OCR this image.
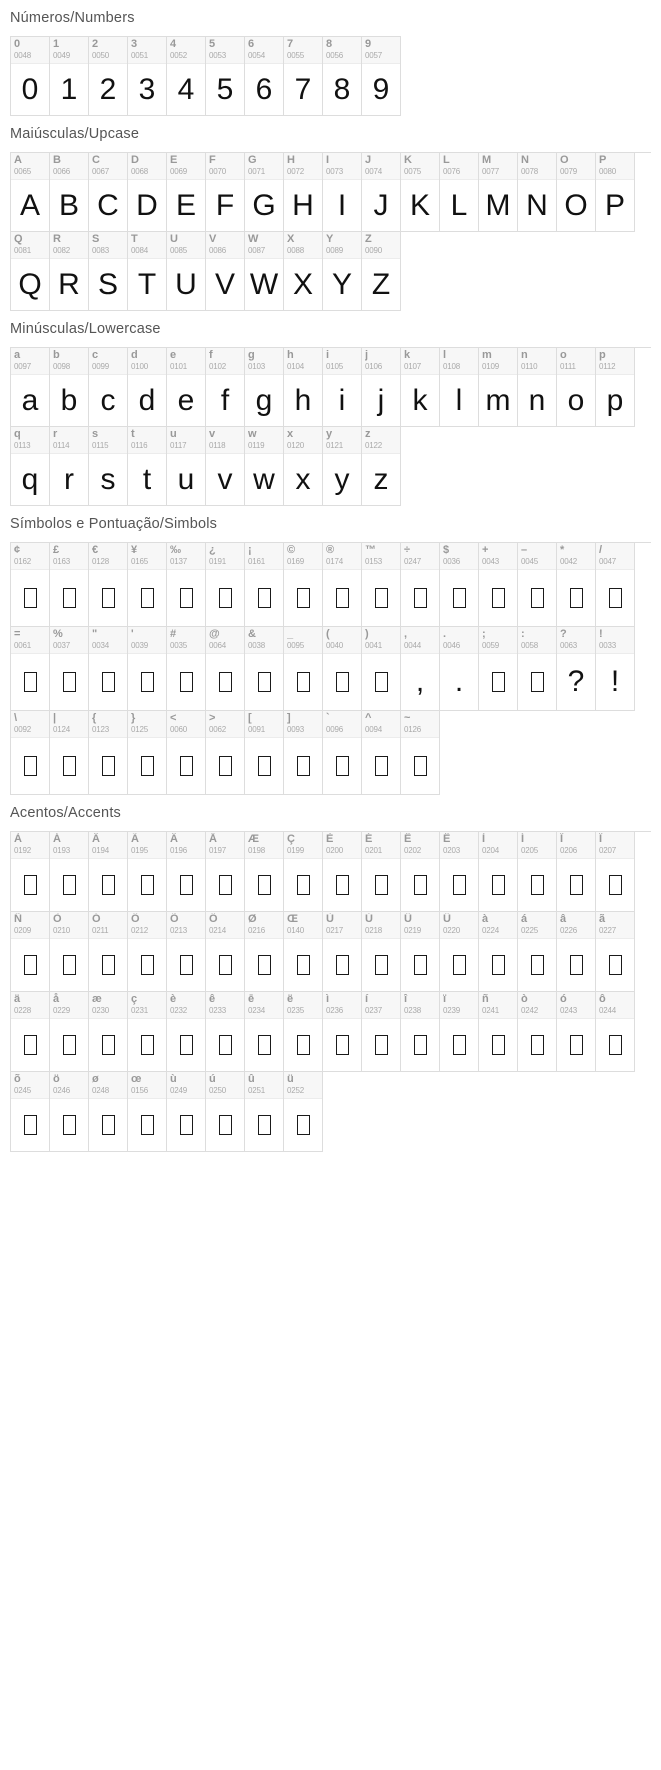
Números/Numbers
0
0048
0
1
0049
1
2
0050
2
3
0051
3
4
0052
4
5
0053
5
6
0054
6
7
0055
7
8
0056
8
9
0057
9
Maiúsculas/Upcase
A
0065
A
B
0066
B
C
0067
C
D
0068
D
E
0069
E
F
0070
F
G
0071
G
H
0072
H
I
0073
I
J
0074
J
K
0075
K
L
0076
L
M
0077
M
N
0078
N
O
0079
O
P
0080
P
Q
0081
Q
R
0082
R
S
0083
S
T
0084
T
U
0085
U
V
0086
V
W
0087
W
X
0088
X
Y
0089
Y
Z
0090
Z
Minúsculas/Lowercase
a
0097
a
b
0098
b
c
0099
c
d
0100
d
e
0101
e
f
0102
f
g
0103
g
h
0104
h
i
0105
i
j
0106
j
k
0107
k
l
0108
l
m
0109
m
n
0110
n
o
0111
o
p
0112
p
q
0113
q
r
0114
r
s
0115
s
t
0116
t
u
0117
u
v
0118
v
w
0119
w
x
0120
x
y
0121
y
z
0122
z
Símbolos e Pontuação/Simbols
¢
0162
£
0163
€
0128
¥
0165
‰
0137
¿
0191
¡
0161
©
0169
®
0174
™
0153
÷
0247
$
0036
+
0043
–
0045
*
0042
/
0047
=
0061
%
0037
"
0034
'
0039
#
0035
@
0064
&
0038
_
0095
(
0040
)
0041
,
0044
,
.
0046
.
;
0059
:
0058
?
0063
?
!
0033
!
\
0092
|
0124
{
0123
}
0125
<
0060
>
0062
[
0091
]
0093
`
0096
^
0094
~
0126
Acentos/Accents
À
0192
Á
0193
Â
0194
Ã
0195
Ä
0196
Å
0197
Æ
0198
Ç
0199
È
0200
É
0201
Ê
0202
Ë
0203
Ì
0204
Í
0205
Î
0206
Ï
0207
Ñ
0209
Ò
0210
Ó
0211
Ô
0212
Õ
0213
Ö
0214
Ø
0216
Œ
0140
Ù
0217
Ú
0218
Û
0219
Ü
0220
à
0224
á
0225
â
0226
ã
0227
ä
0228
å
0229
æ
0230
ç
0231
è
0232
ê
0233
ē
0234
ë
0235
ì
0236
í
0237
î
0238
ï
0239
ñ
0241
ò
0242
ó
0243
ô
0244
õ
0245
ö
0246
ø
0248
œ
0156
ù
0249
ú
0250
û
0251
ü
0252
